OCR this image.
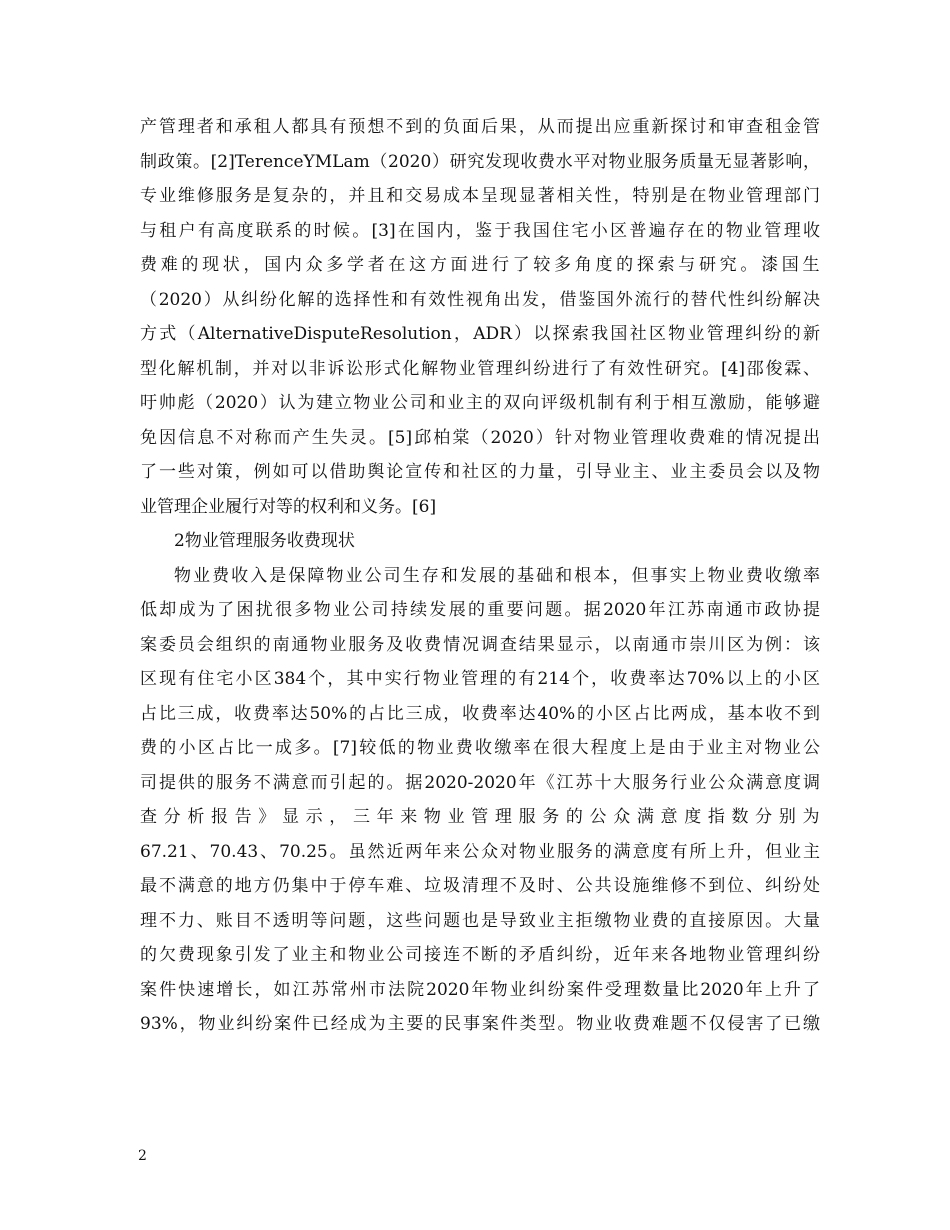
产管理者和承租人都具有预想不到的负面后果，从而提出应重新探讨和审查租金管
制政策。[2]TerenceYMLam（2020）研究发现收费水平对物业服务质量无显著影响，
专业维修服务是复杂的，并且和交易成本呈现显著相关性，特别是在物业管理部门
与租户有高度联系的时候。[3]在国内，鉴于我国住宅小区普遍存在的物业管理收
费难的现状，国内众多学者在这方面进行了较多角度的探索与研究。漆国生
（2020）从纠纷化解的选择性和有效性视角出发，借鉴国外流行的替代性纠纷解决
方式（AlternativeDisputeResolution，ADR）以探索我国社区物业管理纠纷的新
型化解机制，并对以非诉讼形式化解物业管理纠纷进行了有效性研究。[4]邵俊霖、
吁帅彪（2020）认为建立物业公司和业主的双向评级机制有利于相互激励，能够避
免因信息不对称而产生失灵。[5]邱柏棠（2020）针对物业管理收费难的情况提出
了一些对策，例如可以借助舆论宣传和社区的力量，引导业主、业主委员会以及物
业管理企业履行对等的权利和义务。[6]
2物业管理服务收费现状
物业费收入是保障物业公司生存和发展的基础和根本，但事实上物业费收缴率
低却成为了困扰很多物业公司持续发展的重要问题。据2020年江苏南通市政协提
案委员会组织的南通物业服务及收费情况调查结果显示，以南通市崇川区为例：该
区现有住宅小区384个，其中实行物业管理的有214个，收费率达70%以上的小区
占比三成，收费率达50%的占比三成，收费率达40%的小区占比两成，基本收不到
费的小区占比一成多。[7]较低的物业费收缴率在很大程度上是由于业主对物业公
司提供的服务不满意而引起的。据2020-2020年《江苏十大服务行业公众满意度调
查分析报告》显示，三年来物业管理服务的公众满意度指数分别为
67.21、70.43、70.25。虽然近两年来公众对物业服务的满意度有所上升，但业主
最不满意的地方仍集中于停车难、垃圾清理不及时、公共设施维修不到位、纠纷处
理不力、账目不透明等问题，这些问题也是导致业主拒缴物业费的直接原因。大量
的欠费现象引发了业主和物业公司接连不断的矛盾纠纷，近年来各地物业管理纠纷
案件快速增长，如江苏常州市法院2020年物业纠纷案件受理数量比2020年上升了
93%，物业纠纷案件已经成为主要的民事案件类型。物业收费难题不仅侵害了已缴
2
